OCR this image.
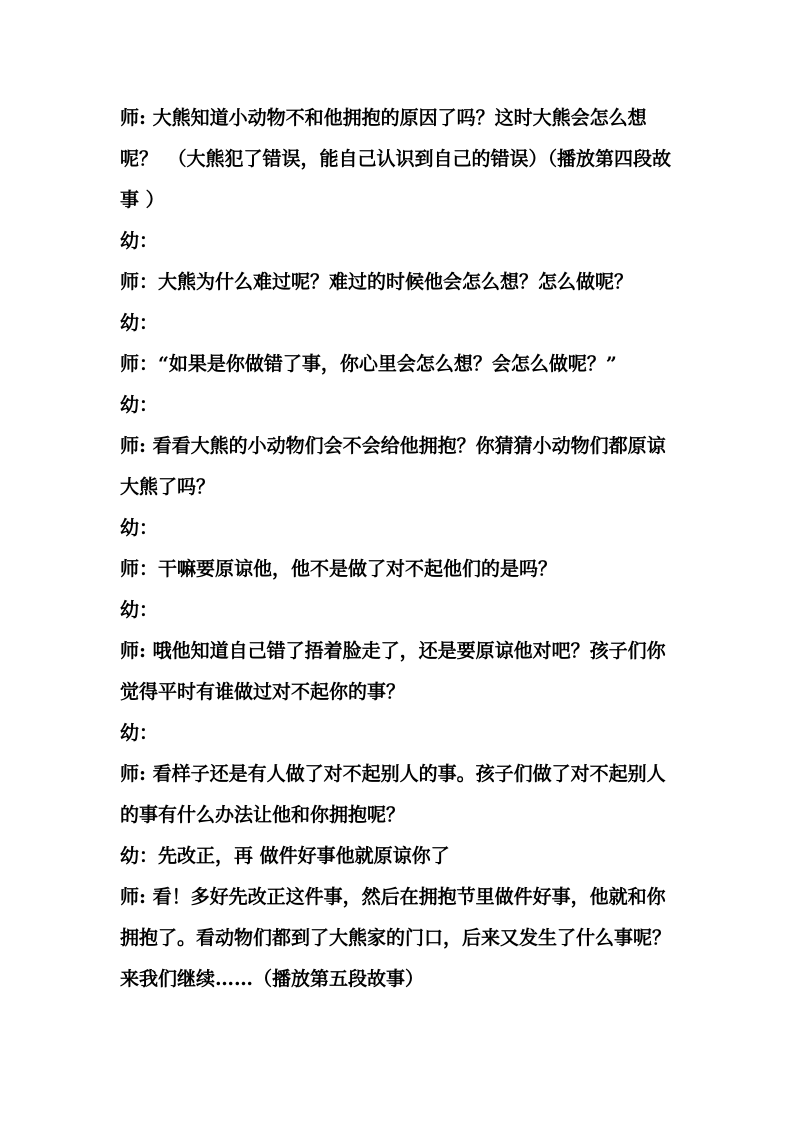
师: 大熊知道小动物不和他拥抱的原因了吗？这时大熊会怎么想呢？　（大熊犯了错误，能自己认识到自己的错误）（播放第四段故事 ）

幼：

师：大熊为什么难过呢？难过的时候他会怎么想？怎么做呢？

幼：

师：“如果是你做错了事，你心里会怎么想？会怎么做呢？”

幼：

师: 看看大熊的小动物们会不会给他拥抱？你猜猜小动物们都原谅大熊了吗？

幼：

师：干嘛要原谅他，他不是做了对不起他们的是吗？

幼：

师: 哦他知道自己错了捂着脸走了，还是要原谅他对吧？孩子们你觉得平时有谁做过对不起你的事？

幼：

师: 看样子还是有人做了对不起别人的事。孩子们做了对不起别人的事有什么办法让他和你拥抱呢？

幼：先改正，再 做件好事他就原谅你了

师: 看！多好先改正这件事，然后在拥抱节里做件好事，他就和你拥抱了。看动物们都到了大熊家的门口，后来又发生了什么事呢？来我们继续……（播放第五段故事）
